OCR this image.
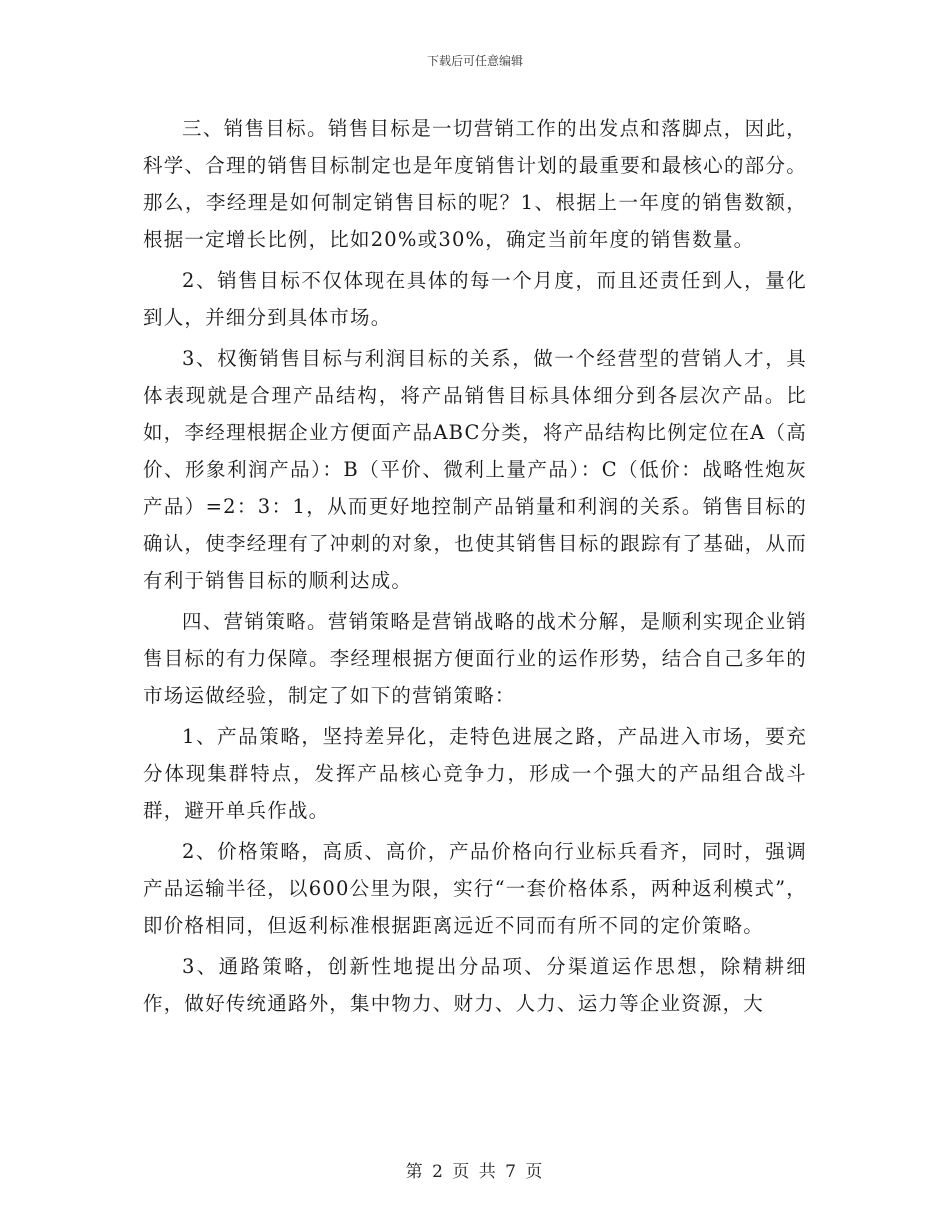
下载后可任意编辑

三、销售目标。销售目标是一切营销工作的出发点和落脚点，因此，科学、合理的销售目标制定也是年度销售计划的最重要和最核心的部分。那么，李经理是如何制定销售目标的呢？1、根据上一年度的销售数额，根据一定增长比例，比如20%或30%，确定当前年度的销售数量。

2、销售目标不仅体现在具体的每一个月度，而且还责任到人，量化到人，并细分到具体市场。

3、权衡销售目标与利润目标的关系，做一个经营型的营销人才，具体表现就是合理产品结构，将产品销售目标具体细分到各层次产品。比如，李经理根据企业方便面产品ABC分类，将产品结构比例定位在A（高价、形象利润产品）：B（平价、微利上量产品）：C（低价：战略性炮灰产品）=2：3：1，从而更好地控制产品销量和利润的关系。销售目标的确认，使李经理有了冲刺的对象，也使其销售目标的跟踪有了基础，从而有利于销售目标的顺利达成。

四、营销策略。营销策略是营销战略的战术分解，是顺利实现企业销售目标的有力保障。李经理根据方便面行业的运作形势，结合自己多年的市场运做经验，制定了如下的营销策略：

1、产品策略，坚持差异化，走特色进展之路，产品进入市场，要充分体现集群特点，发挥产品核心竞争力，形成一个强大的产品组合战斗群，避开单兵作战。

2、价格策略，高质、高价，产品价格向行业标兵看齐，同时，强调产品运输半径，以600公里为限，实行“一套价格体系，两种返利模式”，即价格相同，但返利标准根据距离远近不同而有所不同的定价策略。

3、通路策略，创新性地提出分品项、分渠道运作思想，除精耕细作，做好传统通路外，集中物力、财力、人力、运力等企业资源，大

第 2 页 共 7 页
